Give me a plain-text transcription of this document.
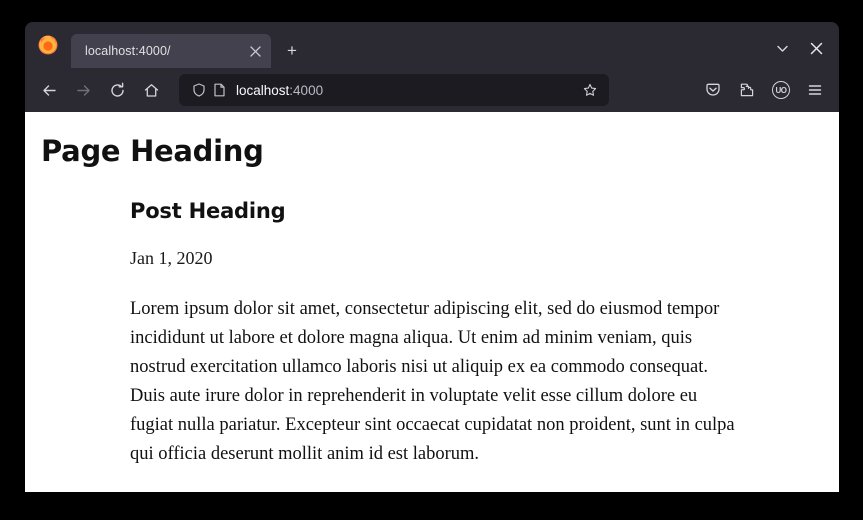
localhost:4000/	+
localhost:4000	UO
Page Heading
Post Heading
Jan 1, 2020

Lorem ipsum dolor sit amet, consectetur adipiscing elit, sed do eiusmod tempor incididunt ut labore et dolore magna aliqua. Ut enim ad minim veniam, quis nostrud exercitation ullamco laboris nisi ut aliquip ex ea commodo consequat. Duis aute irure dolor in reprehenderit in voluptate velit esse cillum dolore eu fugiat nulla pariatur. Excepteur sint occaecat cupidatat non proident, sunt in culpa qui officia deserunt mollit anim id est laborum.
